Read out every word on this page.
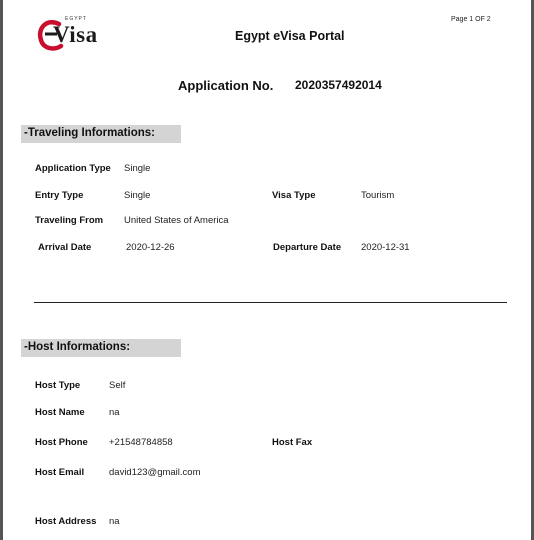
EGYPT
Visa	Egypt eVisa Portal
Page 1 OF 2
Application No. 2020357492014
-Traveling Informations:
Application Type Single
Entry Type	Single	Visa Type	Tourism
Traveling From United States of America
Arrival Date	2020-12-26	Departure Date 2020-12-31
-Host Informations:
Host Type	Self
Host Name	na
Host Phone +21548784858	Host Fax
Host Email	david123@gmail.com
Host Address na
